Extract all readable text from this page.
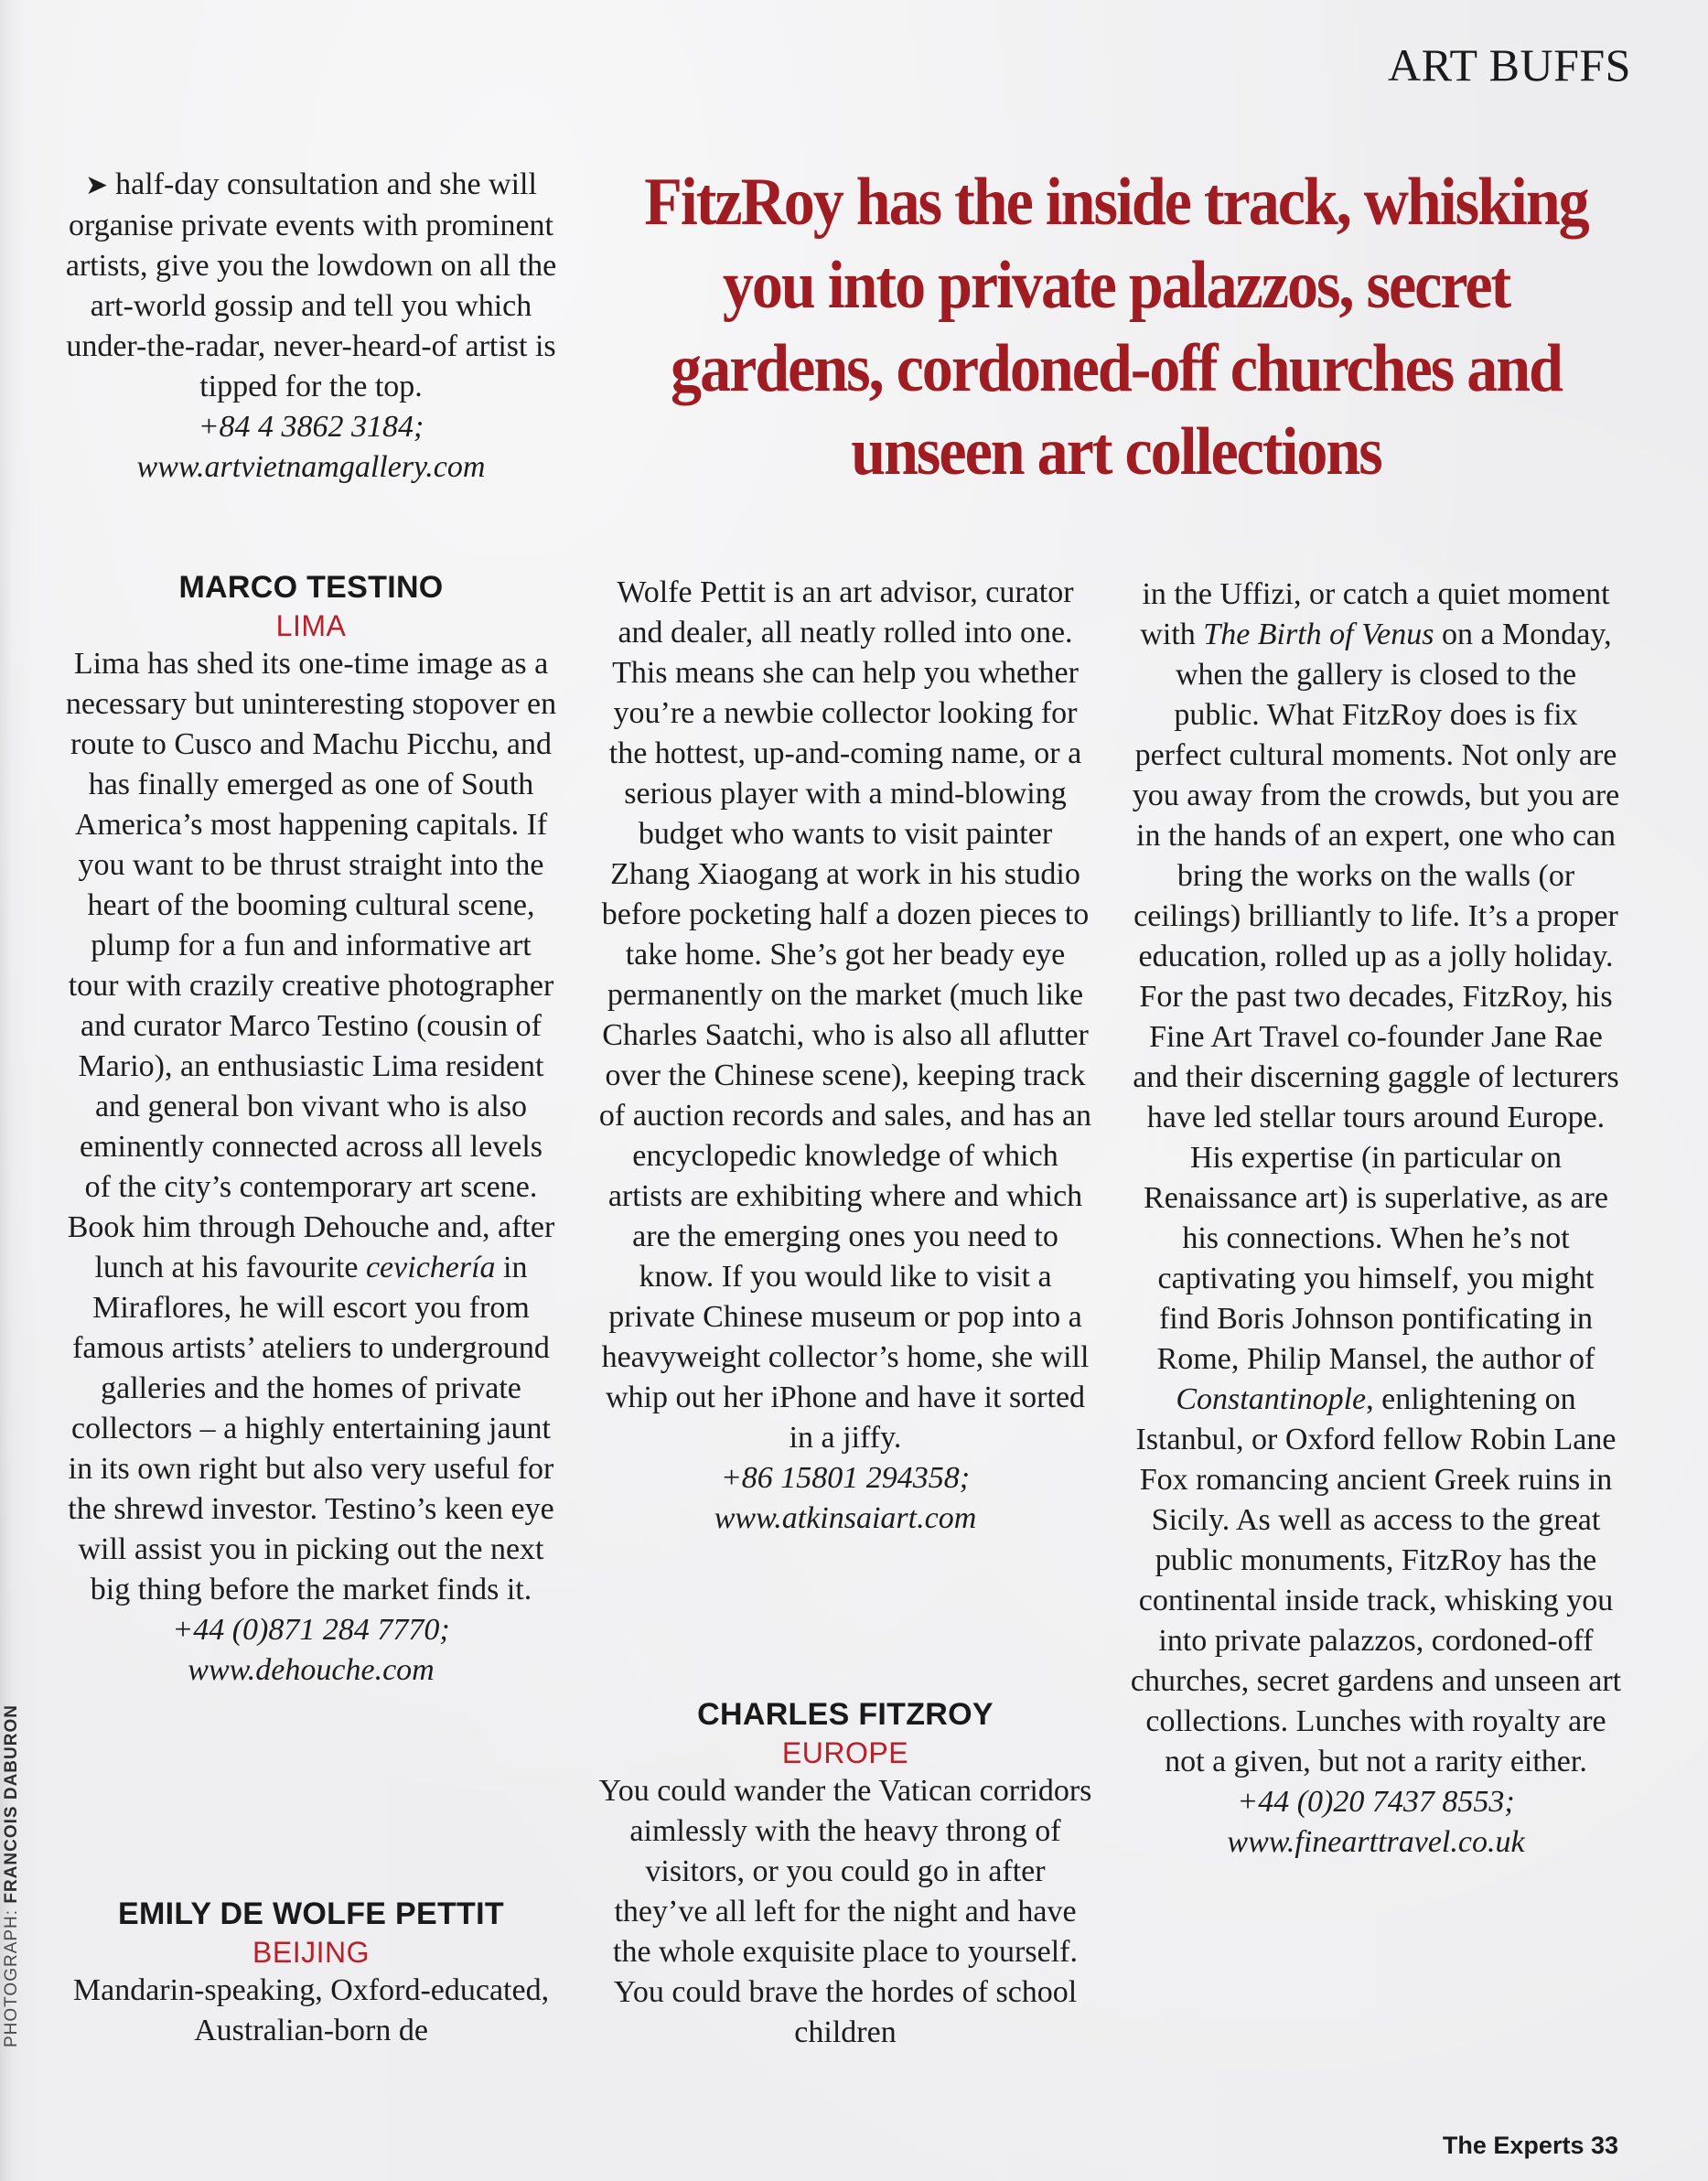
ART BUFFS
FitzRoy has the inside track, whisking you into private palazzos, secret gardens, cordoned-off churches and unseen art collections

➤ half-day consultation and she will organise private events with prominent artists, give you the lowdown on all the art-world gossip and tell you which under-the-radar, never-heard-of artist is tipped for the top.

+84 4 3862 3184;

www.artvietnamgallery.com

MARCO TESTINO

LIMA

Lima has shed its one-time image as a necessary but uninteresting stopover en route to Cusco and Machu Picchu, and has finally emerged as one of South America’s most happening capitals. If you want to be thrust straight into the heart of the booming cultural scene, plump for a fun and informative art tour with crazily creative photographer and curator Marco Testino (cousin of Mario), an enthusiastic Lima resident and general bon vivant who is also eminently connected across all levels of the city’s contemporary art scene. Book him through Dehouche and, after lunch at his favourite cevichería in Miraflores, he will escort you from famous artists’ ateliers to underground galleries and the homes of private collectors – a highly entertaining jaunt in its own right but also very useful for the shrewd investor. Testino’s keen eye will assist you in picking out the next big thing before the market finds it.

+44 (0)871 284 7770;

www.dehouche.com

EMILY DE WOLFE PETTIT

BEIJING

Mandarin-speaking, Oxford-educated, Australian-born de

Wolfe Pettit is an art advisor, curator and dealer, all neatly rolled into one. This means she can help you whether you’re a newbie collector looking for the hottest, up-and-coming name, or a serious player with a mind-blowing budget who wants to visit painter Zhang Xiaogang at work in his studio before pocketing half a dozen pieces to take home. She’s got her beady eye permanently on the market (much like Charles Saatchi, who is also all aflutter over the Chinese scene), keeping track of auction records and sales, and has an encyclopedic knowledge of which artists are exhibiting where and which are the emerging ones you need to know. If you would like to visit a private Chinese museum or pop into a heavyweight collector’s home, she will whip out her iPhone and have it sorted in a jiffy.

+86 15801 294358;

www.atkinsaiart.com

CHARLES FITZROY

EUROPE

You could wander the Vatican corridors aimlessly with the heavy throng of visitors, or you could go in after they’ve all left for the night and have the whole exquisite place to yourself. You could brave the hordes of school children

in the Uffizi, or catch a quiet moment with The Birth of Venus on a Monday, when the gallery is closed to the public. What FitzRoy does is fix perfect cultural moments. Not only are you away from the crowds, but you are in the hands of an expert, one who can bring the works on the walls (or ceilings) brilliantly to life. It’s a proper education, rolled up as a jolly holiday. For the past two decades, FitzRoy, his Fine Art Travel co-founder Jane Rae and their discerning gaggle of lecturers have led stellar tours around Europe. His expertise (in particular on Renaissance art) is superlative, as are his connections. When he’s not captivating you himself, you might find Boris Johnson pontificating in Rome, Philip Mansel, the author of Constantinople, enlightening on Istanbul, or Oxford fellow Robin Lane Fox romancing ancient Greek ruins in Sicily. As well as access to the great public monuments, FitzRoy has the continental inside track, whisking you into private palazzos, cordoned-off churches, secret gardens and unseen art collections. Lunches with royalty are not a given, but not a rarity either.

+44 (0)20 7437 8553;

www.finearttravel.co.uk

PHOTOGRAPH: FRANCOIS DABURON
The Experts 33
